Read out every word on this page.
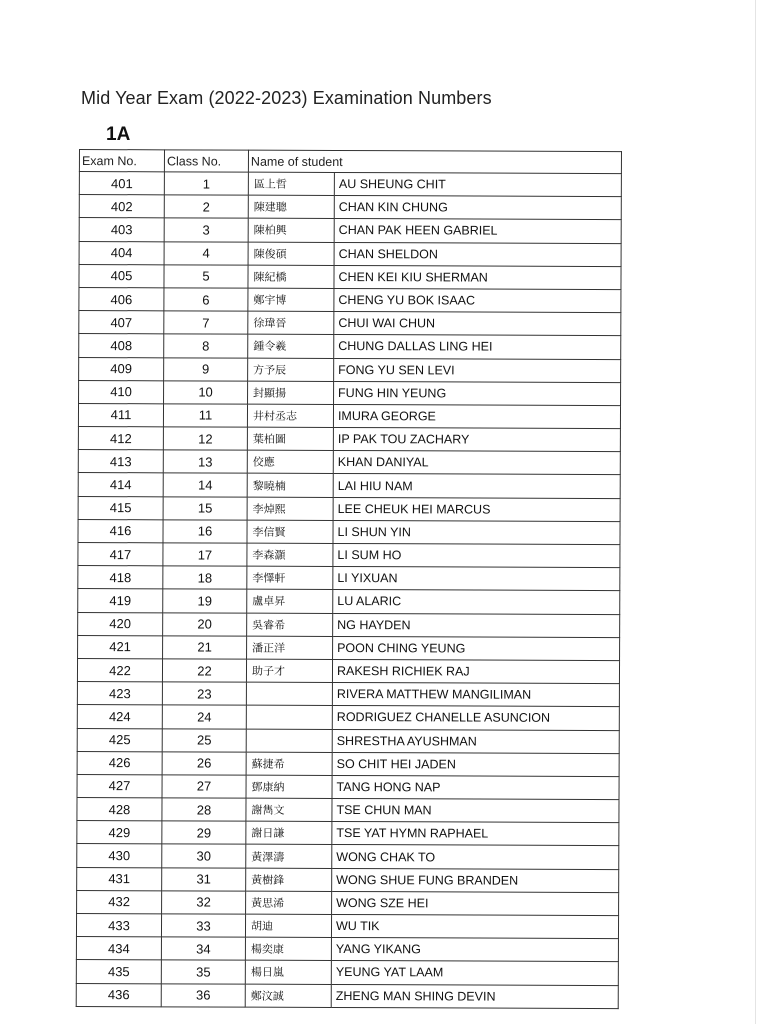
Mid Year Exam (2022-2023) Examination Numbers
1A
Exam No.	Class No.	Name of student	
401	1	區上哲	AU SHEUNG CHIT
402	2	陳建聰	CHAN KIN CHUNG
403	3	陳柏興	CHAN PAK HEEN GABRIEL
404	4	陳俊碩	CHAN SHELDON
405	5	陳紀橋	CHEN KEI KIU SHERMAN
406	6	鄭宇博	CHENG YU BOK ISAAC
407	7	徐瑋晉	CHUI WAI CHUN
408	8	鍾令羲	CHUNG DALLAS LING HEI
409	9	方予辰	FONG YU SEN LEVI
410	10	封顯揚	FUNG HIN YEUNG
411	11	井村丞志	IMURA GEORGE
412	12	葉柏圖	IP PAK TOU ZACHARY
413	13	佼應	KHAN DANIYAL
414	14	黎曉楠	LAI HIU NAM
415	15	李焯熙	LEE CHEUK HEI MARCUS
416	16	李信賢	LI SHUN YIN
417	17	李森灝	LI SUM HO
418	18	李懌軒	LI YIXUAN
419	19	盧卓昇	LU ALARIC
420	20	吳睿希	NG HAYDEN
421	21	潘正洋	POON CHING YEUNG
422	22	助子才	RAKESH RICHIEK RAJ
423	23		RIVERA MATTHEW MANGILIMAN
424	24		RODRIGUEZ CHANELLE ASUNCION
425	25		SHRESTHA AYUSHMAN
426	26	蘇捷希	SO CHIT HEI JADEN
427	27	鄧康納	TANG HONG NAP
428	28	謝雋文	TSE CHUN MAN
429	29	謝日謙	TSE YAT HYMN RAPHAEL
430	30	黃澤濤	WONG CHAK TO
431	31	黃樹鋒	WONG SHUE FUNG BRANDEN
432	32	黃思浠	WONG SZE HEI
433	33	胡迪	WU TIK
434	34	楊奕康	YANG YIKANG
435	35	楊日嵐	YEUNG YAT LAAM
436	36	鄭汶誠	ZHENG MAN SHING DEVIN
